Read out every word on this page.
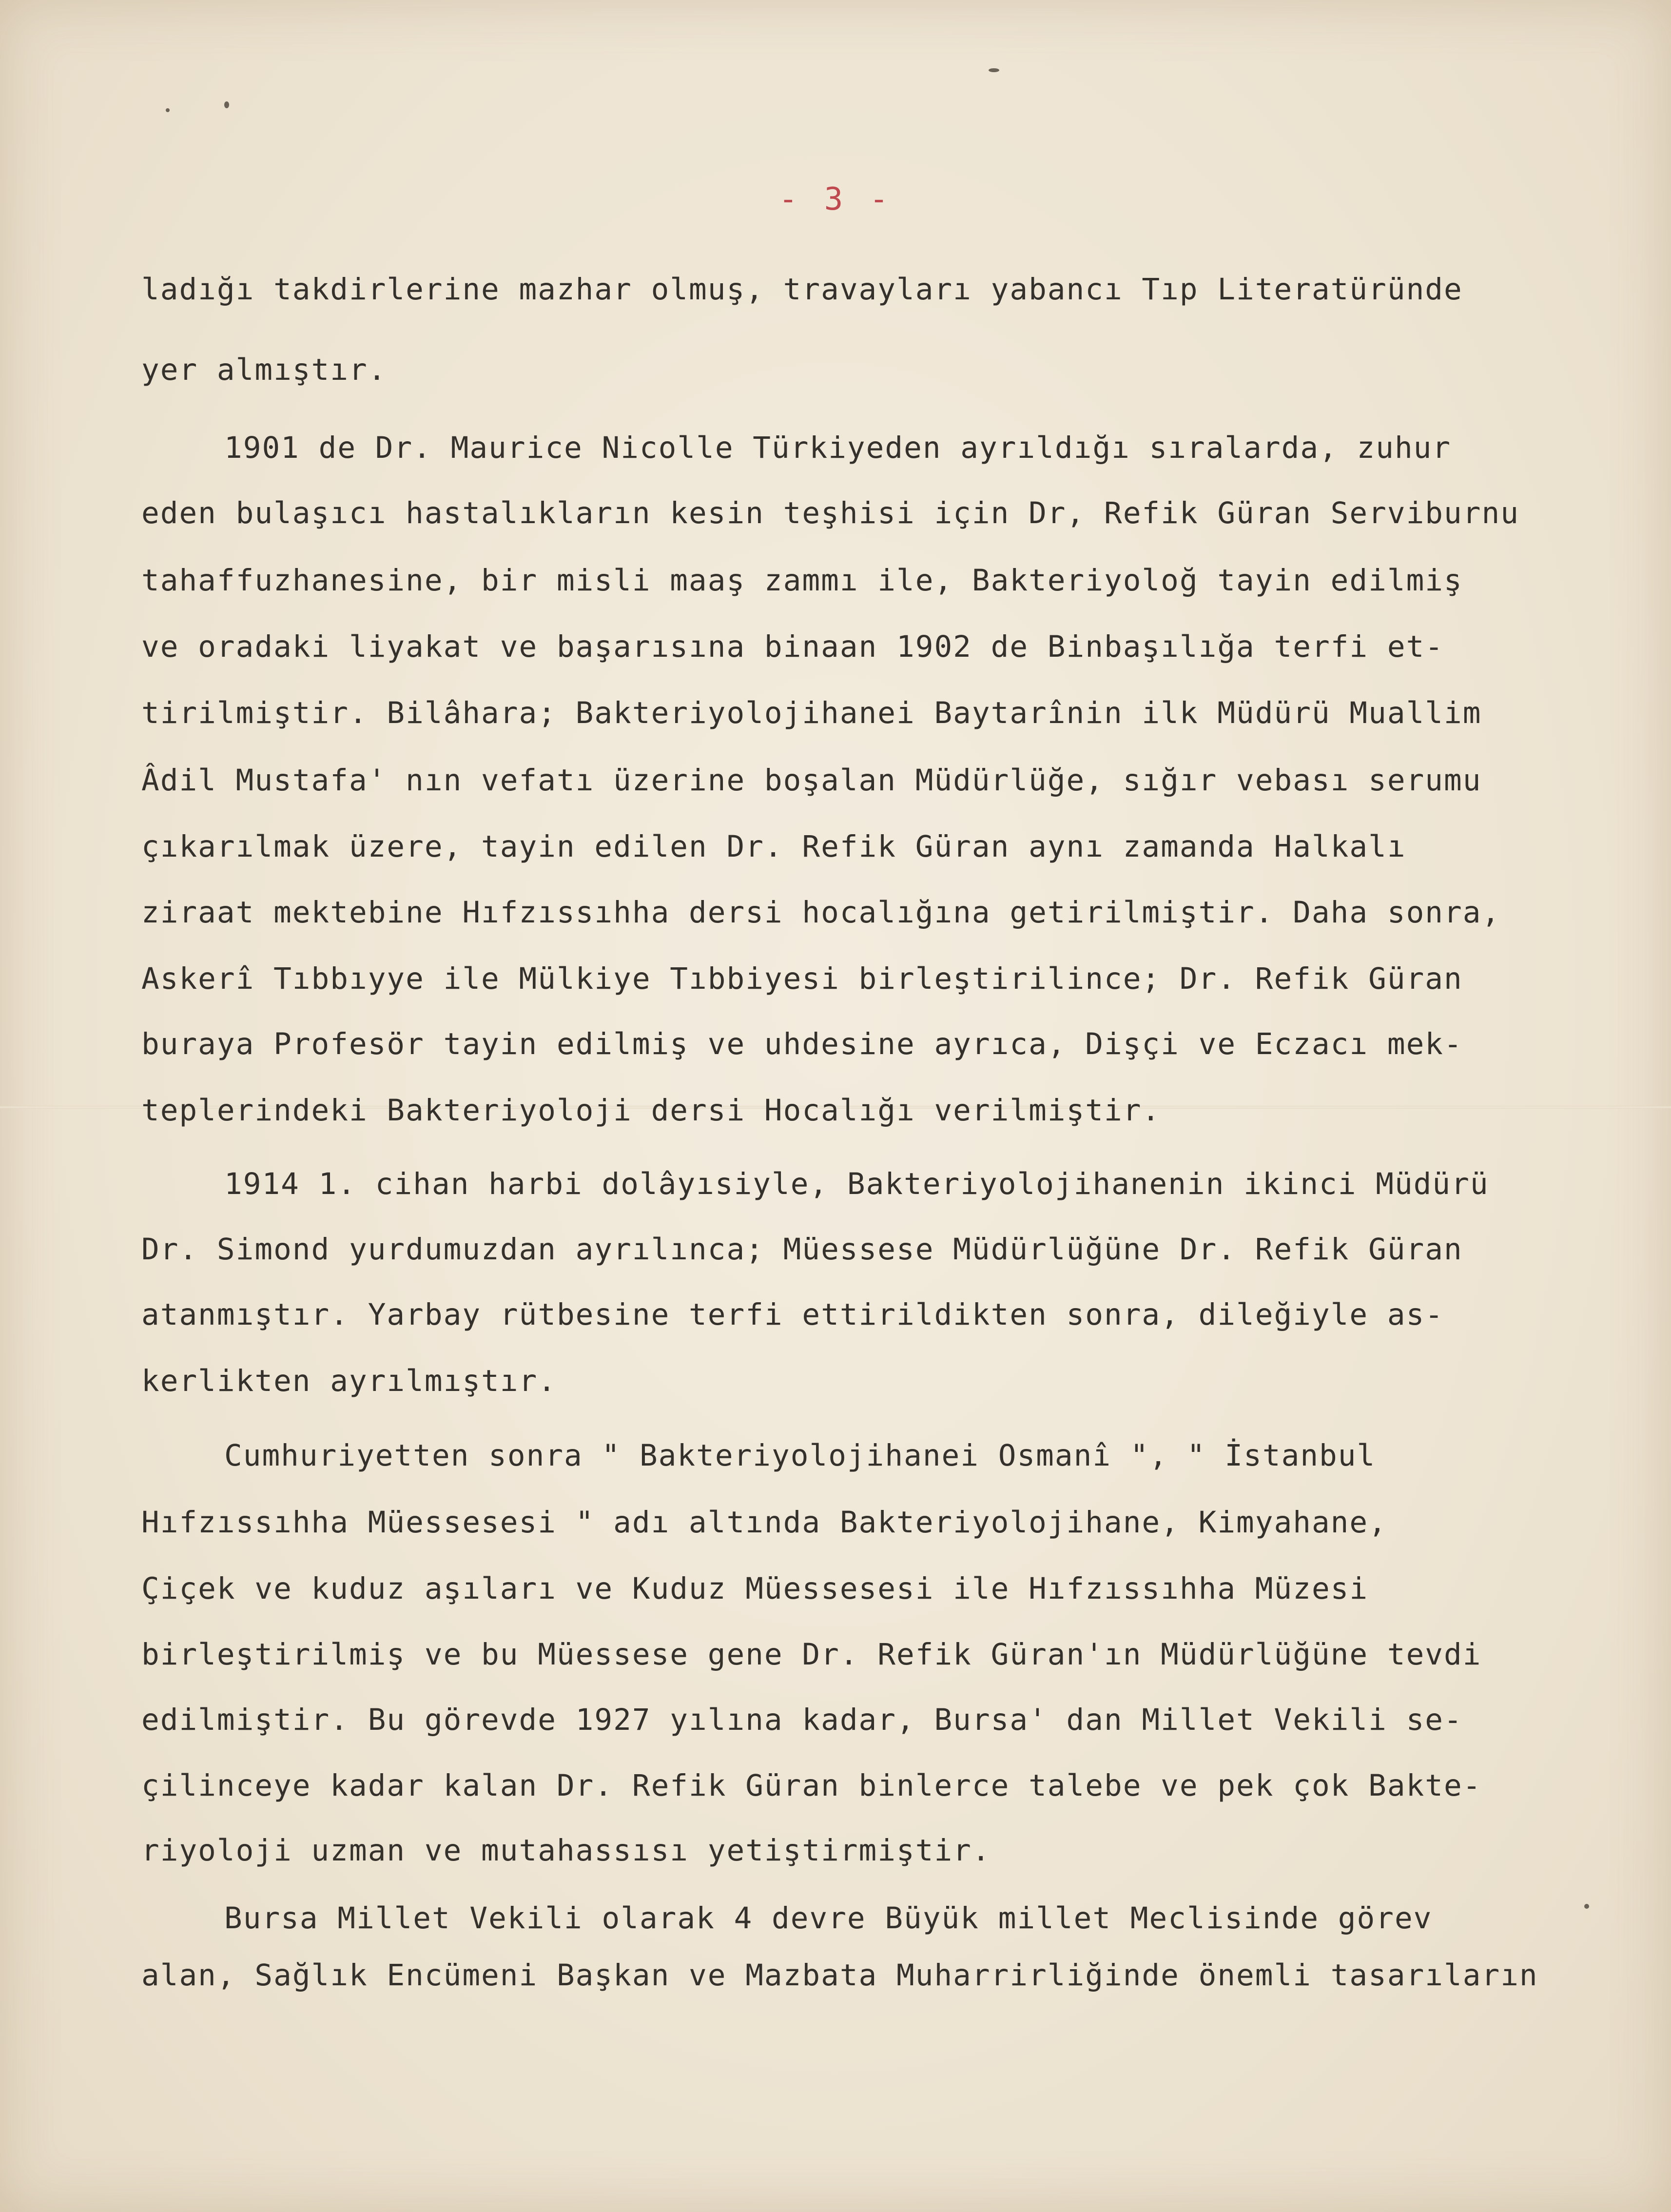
- 3 -
ladığı takdirlerine mazhar olmuş, travayları yabancı Tıp Literatüründe
yer almıştır.
1901 de Dr. Maurice Nicolle Türkiyeden ayrıldığı sıralarda, zuhur
eden bulaşıcı hastalıkların kesin teşhisi için Dr, Refik Güran Serviburnu
tahaffuzhanesine, bir misli maaş zammı ile, Bakteriyoloğ tayin edilmiş
ve oradaki liyakat ve başarısına binaan 1902 de Binbaşılığa terfi et-
tirilmiştir. Bilâhara; Bakteriyolojihanei Baytarînin ilk Müdürü Muallim
Âdil Mustafa' nın vefatı üzerine boşalan Müdürlüğe, sığır vebası serumu
çıkarılmak üzere, tayin edilen Dr. Refik Güran aynı zamanda Halkalı
ziraat mektebine Hıfzıssıhha dersi hocalığına getirilmiştir. Daha sonra,
Askerî Tıbbıyye ile Mülkiye Tıbbiyesi birleştirilince; Dr. Refik Güran
buraya Profesör tayin edilmiş ve uhdesine ayrıca, Dişçi ve Eczacı mek-
teplerindeki Bakteriyoloji dersi Hocalığı verilmiştir.
1914 1. cihan harbi dolâyısiyle, Bakteriyolojihanenin ikinci Müdürü
Dr. Simond yurdumuzdan ayrılınca; Müessese Müdürlüğüne Dr. Refik Güran
atanmıştır. Yarbay rütbesine terfi ettirildikten sonra, dileğiyle as-
kerlikten ayrılmıştır.
Cumhuriyetten sonra " Bakteriyolojihanei Osmanî ", " İstanbul
Hıfzıssıhha Müessesesi " adı altında Bakteriyolojihane, Kimyahane,
Çiçek ve kuduz aşıları ve Kuduz Müessesesi ile Hıfzıssıhha Müzesi
birleştirilmiş ve bu Müessese gene Dr. Refik Güran'ın Müdürlüğüne tevdi
edilmiştir. Bu görevde 1927 yılına kadar, Bursa' dan Millet Vekili se-
çilinceye kadar kalan Dr. Refik Güran binlerce talebe ve pek çok Bakte-
riyoloji uzman ve mutahassısı yetiştirmiştir.
Bursa Millet Vekili olarak 4 devre Büyük millet Meclisinde görev
alan, Sağlık Encümeni Başkan ve Mazbata Muharrirliğinde önemli tasarıların
